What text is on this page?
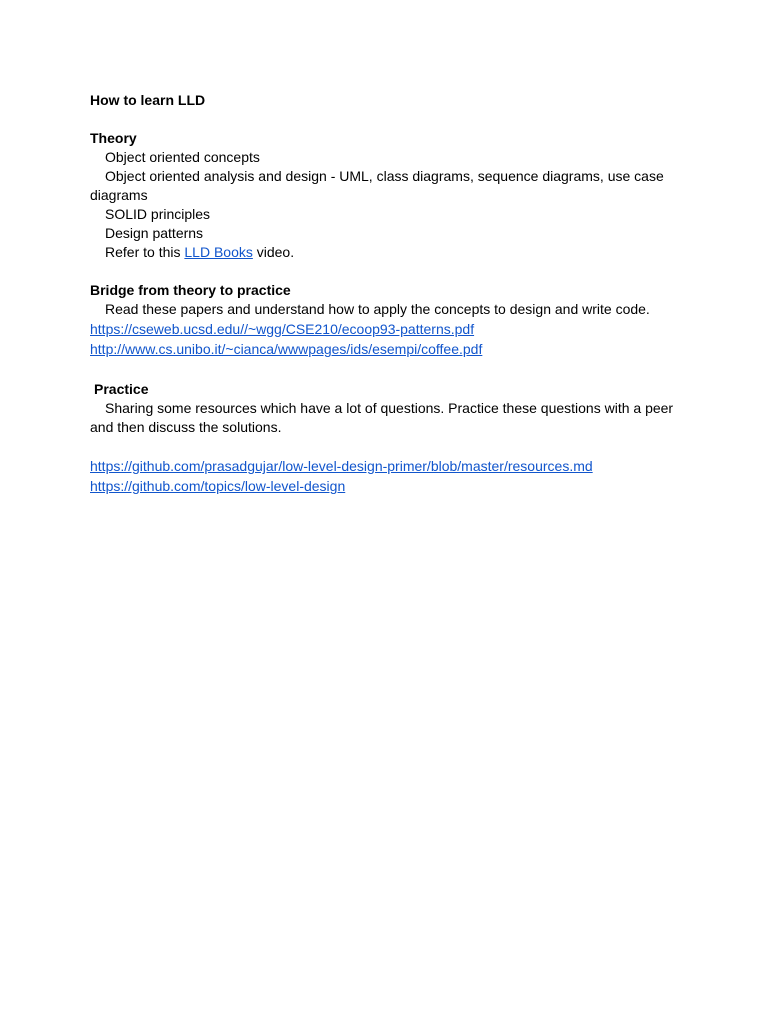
How to learn LLD
Theory
Object oriented concepts
Object oriented analysis and design - UML, class diagrams, sequence diagrams, use case diagrams
SOLID principles
Design patterns
Refer to this LLD Books video.
Bridge from theory to practice
Read these papers and understand how to apply the concepts to design and write code.
https://cseweb.ucsd.edu//~wgg/CSE210/ecoop93-patterns.pdf
http://www.cs.unibo.it/~cianca/wwwpages/ids/esempi/coffee.pdf
Practice
Sharing some resources which have a lot of questions. Practice these questions with a peer and then discuss the solutions.
https://github.com/prasadgujar/low-level-design-primer/blob/master/resources.md
https://github.com/topics/low-level-design
